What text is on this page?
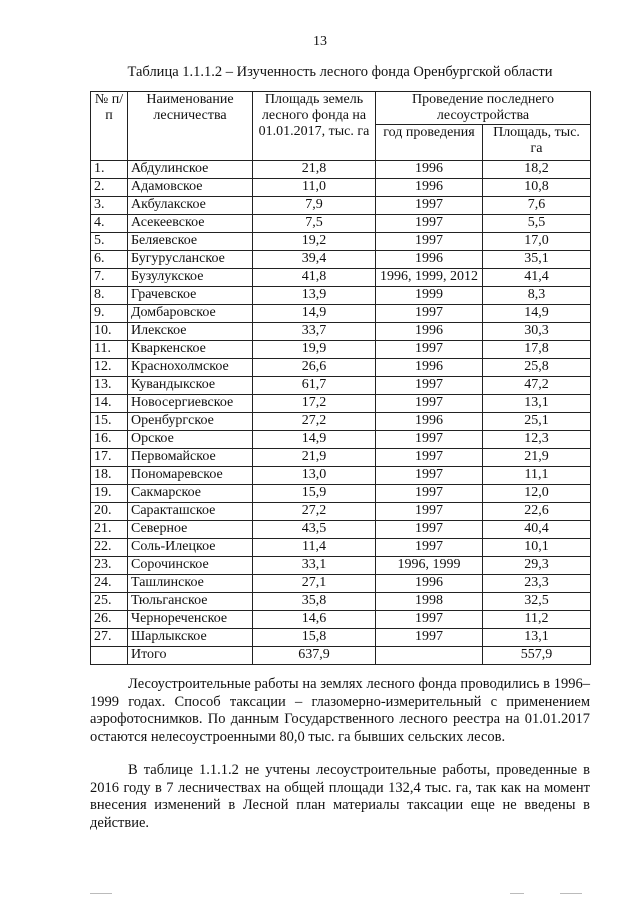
13
Таблица 1.1.1.2 – Изученность лесного фонда Оренбургской области
№ п/п	Наименование лесничества	Площадь земель лесного фонда на 01.01.2017, тыс. га	Проведение последнего лесоустройства	
			год проведения	Площадь, тыс. га
1.	Абдулинское	21,8	1996	18,2
2.	Адамовское	11,0	1996	10,8
3.	Акбулакское	7,9	1997	7,6
4.	Асекеевское	7,5	1997	5,5
5.	Беляевское	19,2	1997	17,0
6.	Бугурусланское	39,4	1996	35,1
7.	Бузулукское	41,8	1996, 1999, 2012	41,4
8.	Грачевское	13,9	1999	8,3
9.	Домбаровское	14,9	1997	14,9
10.	Илекское	33,7	1996	30,3
11.	Кваркенское	19,9	1997	17,8
12.	Краснохолмское	26,6	1996	25,8
13.	Кувандыкское	61,7	1997	47,2
14.	Новосергиевское	17,2	1997	13,1
15.	Оренбургское	27,2	1996	25,1
16.	Орское	14,9	1997	12,3
17.	Первомайское	21,9	1997	21,9
18.	Пономаревское	13,0	1997	11,1
19.	Сакмарское	15,9	1997	12,0
20.	Саракташское	27,2	1997	22,6
21.	Северное	43,5	1997	40,4
22.	Соль-Илецкое	11,4	1997	10,1
23.	Сорочинское	33,1	1996, 1999	29,3
24.	Ташлинское	27,1	1996	23,3
25.	Тюльганское	35,8	1998	32,5
26.	Чернореченское	14,6	1997	11,2
27.	Шарлыкское	15,8	1997	13,1
	Итого	637,9		557,9

Лесоустроительные работы на землях лесного фонда проводились в 1996–1999 годах. Способ таксации – глазомерно-измерительный с применением аэрофотоснимков. По данным Государственного лесного реестра на 01.01.2017 остаются нелесоустроенными 80,0 тыс. га бывших сельских лесов.

В таблице 1.1.1.2 не учтены лесоустроительные работы, проведенные в 2016 году в 7 лесничествах на общей площади 132,4 тыс. га, так как на момент внесения изменений в Лесной план материалы таксации еще не введены в действие.
